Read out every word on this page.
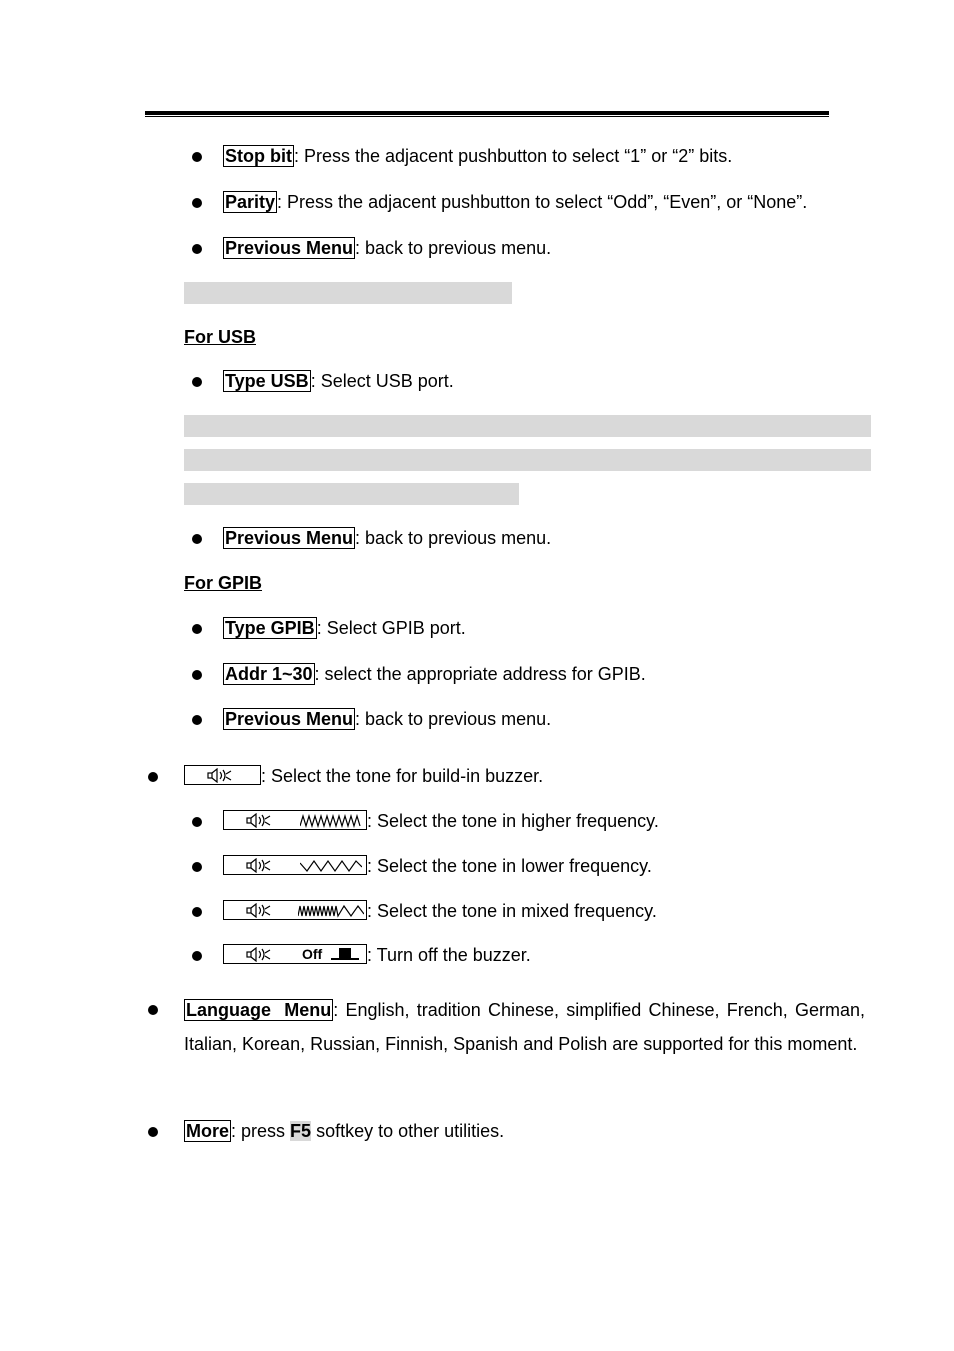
Stop bit : Press the adjacent pushbutton to select “1” or “2” bits.
Parity : Press the adjacent pushbutton to select “Odd”, “Even”, or “None”.
Previous Menu : back to previous menu.
For USB
Type USB : Select USB port.
Previous Menu : back to previous menu.
For GPIB
Type GPIB : Select GPIB port.
Addr 1~30 : select the appropriate address for GPIB.
Previous Menu : back to previous menu.
: Select the tone for build-in buzzer.
: Select the tone in higher frequency.
: Select the tone in lower frequency.
: Select the tone in mixed frequency.
Off : Turn off the buzzer.
Language Menu : English, tradition Chinese, simplified Chinese, French, German, Italian, Korean, Russian, Finnish, Spanish and Polish are supported for this moment.
More : press F5 softkey to other utilities.
